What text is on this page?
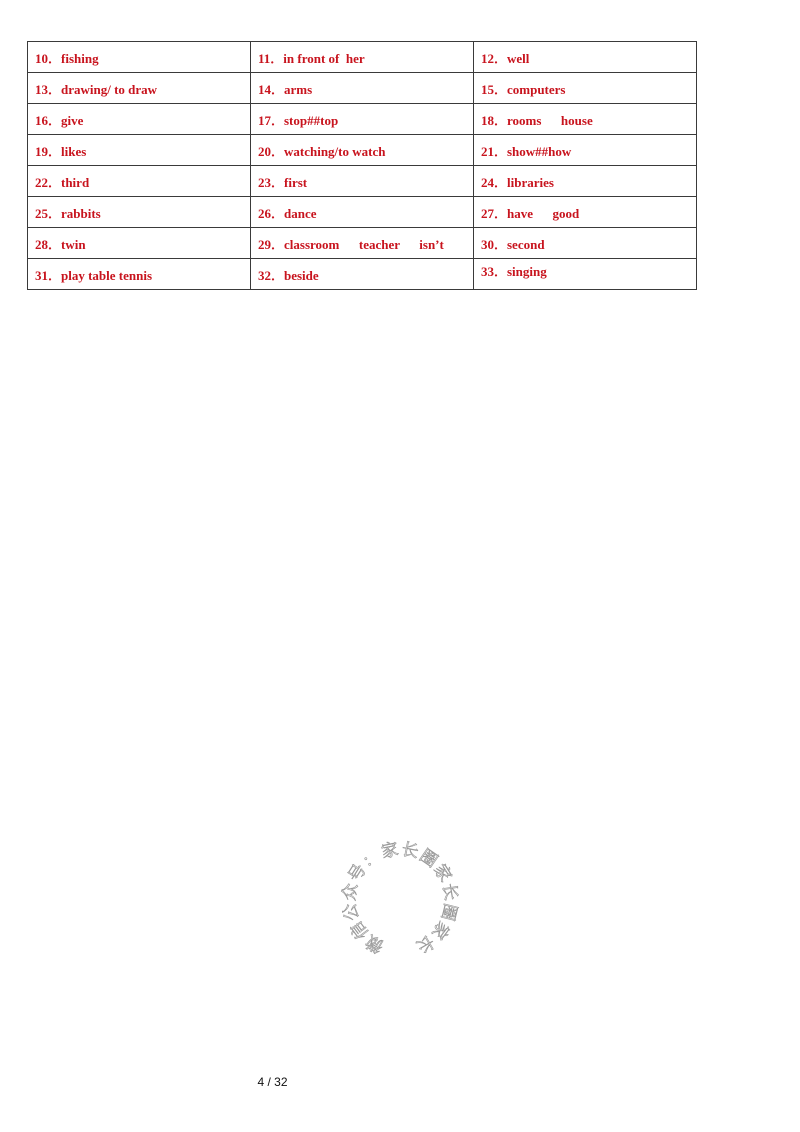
10．fishing	11．in front of  her	12．well
13．drawing/ to draw	14．arms	15．computers
16．give	17．stop##top	18．rooms      house
19．likes	20．watching/to watch	21．show##how
22．third	23．first	24．libraries
25．rabbits	26．dance	27．have      good
28．twin	29．classroom      teacher      isn’t	30．second
31．play table tennis	32．beside	33．singing
微
信
公
众
号
：
家 长
圈
家
长
圈
家
长
4 / 32
